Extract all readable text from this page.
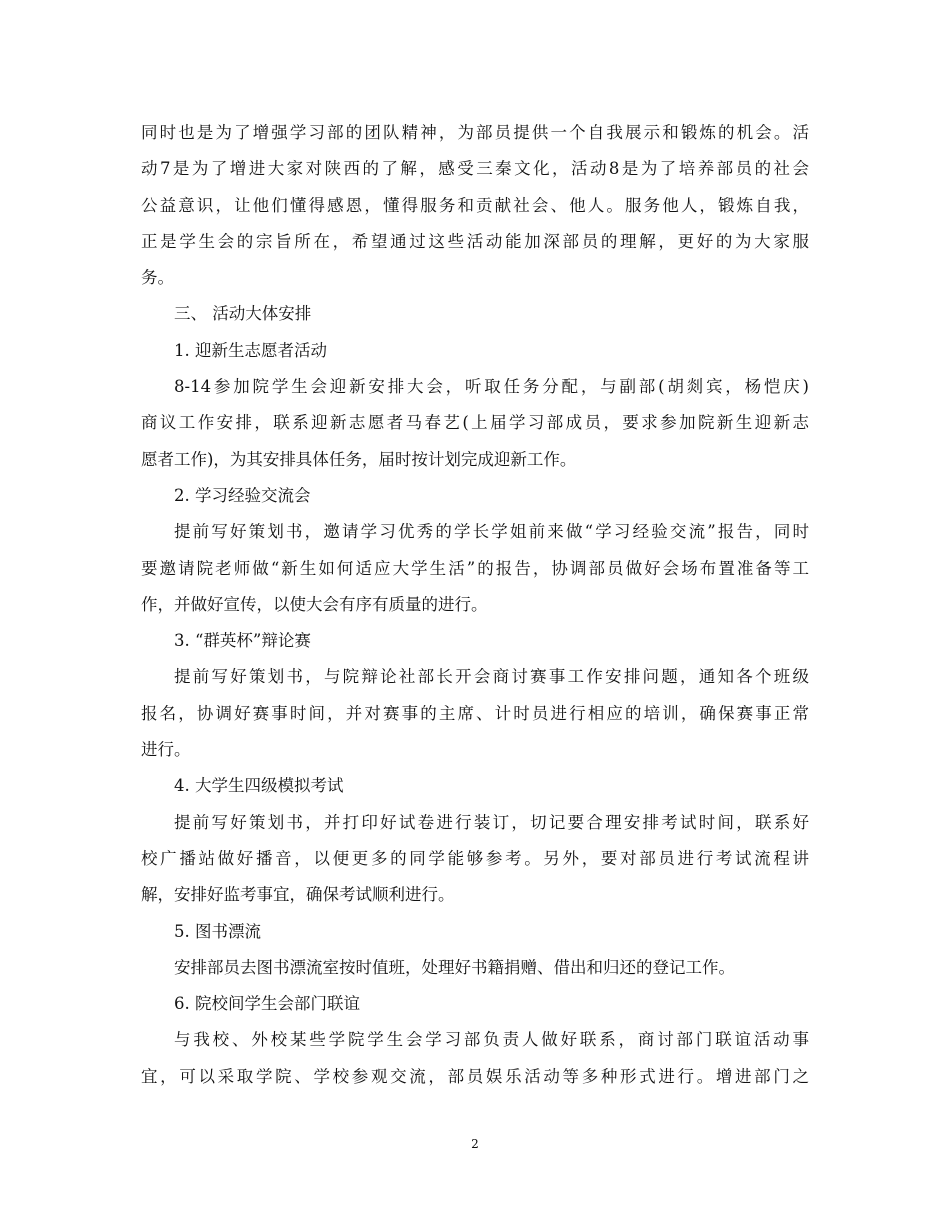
同时也是为了增强学习部的团队精神，为部员提供一个自我展示和锻炼的机会。活
动7是为了增进大家对陕西的了解，感受三秦文化，活动8是为了培养部员的社会
公益意识，让他们懂得感恩，懂得服务和贡献社会、他人。服务他人，锻炼自我，
正是学生会的宗旨所在，希望通过这些活动能加深部员的理解，更好的为大家服
务。
三、 活动大体安排
1. 迎新生志愿者活动
8-14参加院学生会迎新安排大会，听取任务分配，与副部(胡剡宾，杨恺庆)
商议工作安排，联系迎新志愿者马春艺(上届学习部成员，要求参加院新生迎新志
愿者工作)，为其安排具体任务，届时按计划完成迎新工作。
2. 学习经验交流会
提前写好策划书，邀请学习优秀的学长学姐前来做“学习经验交流”报告，同时
要邀请院老师做“新生如何适应大学生活”的报告，协调部员做好会场布置准备等工
作，并做好宣传，以使大会有序有质量的进行。
3. “群英杯”辩论赛
提前写好策划书，与院辩论社部长开会商讨赛事工作安排问题，通知各个班级
报名，协调好赛事时间，并对赛事的主席、计时员进行相应的培训，确保赛事正常
进行。
4. 大学生四级模拟考试
提前写好策划书，并打印好试卷进行装订，切记要合理安排考试时间，联系好
校广播站做好播音，以便更多的同学能够参考。另外，要对部员进行考试流程讲
解，安排好监考事宜，确保考试顺利进行。
5. 图书漂流
安排部员去图书漂流室按时值班，处理好书籍捐赠、借出和归还的登记工作。
6. 院校间学生会部门联谊
与我校、外校某些学院学生会学习部负责人做好联系，商讨部门联谊活动事
宜，可以采取学院、学校参观交流，部员娱乐活动等多种形式进行。增进部门之
2
